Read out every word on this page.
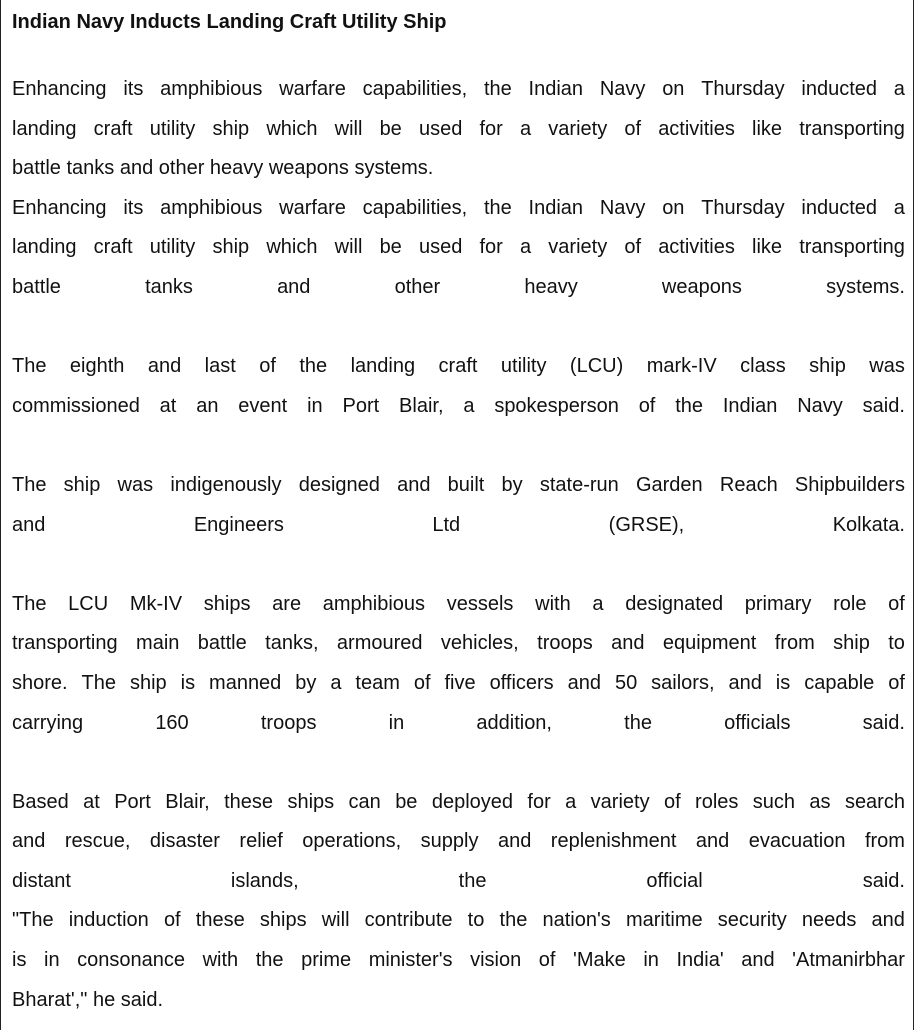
Indian Navy Inducts Landing Craft Utility Ship
Enhancing its amphibious warfare capabilities, the Indian Navy on Thursday inducted a
landing craft utility ship which will be used for a variety of activities like transporting
battle tanks and other heavy weapons systems.
Enhancing its amphibious warfare capabilities, the Indian Navy on Thursday inducted a
landing craft utility ship which will be used for a variety of activities like transporting
battle	tanks	and	other	heavy	weapons	systems.
The eighth and last of the landing craft utility (LCU) mark-IV class ship was
commissioned at an event in Port Blair, a spokesperson of the Indian Navy said.
The ship was indigenously designed and built by state-run Garden Reach Shipbuilders
and	Engineers	Ltd	(GRSE),	Kolkata.
The LCU Mk-IV ships are amphibious vessels with a designated primary role of
transporting main battle tanks, armoured vehicles, troops and equipment from ship to
shore. The ship is manned by a team of five officers and 50 sailors, and is capable of
carrying	160	troops	in	addition,	the	officials	said.
Based at Port Blair, these ships can be deployed for a variety of roles such as search
and rescue, disaster relief operations, supply and replenishment and evacuation from
distant	islands,	the	official	said.
"The induction of these ships will contribute to the nation's maritime security needs and
is in consonance with the prime minister's vision of 'Make in India' and 'Atmanirbhar
Bharat'," he said.
